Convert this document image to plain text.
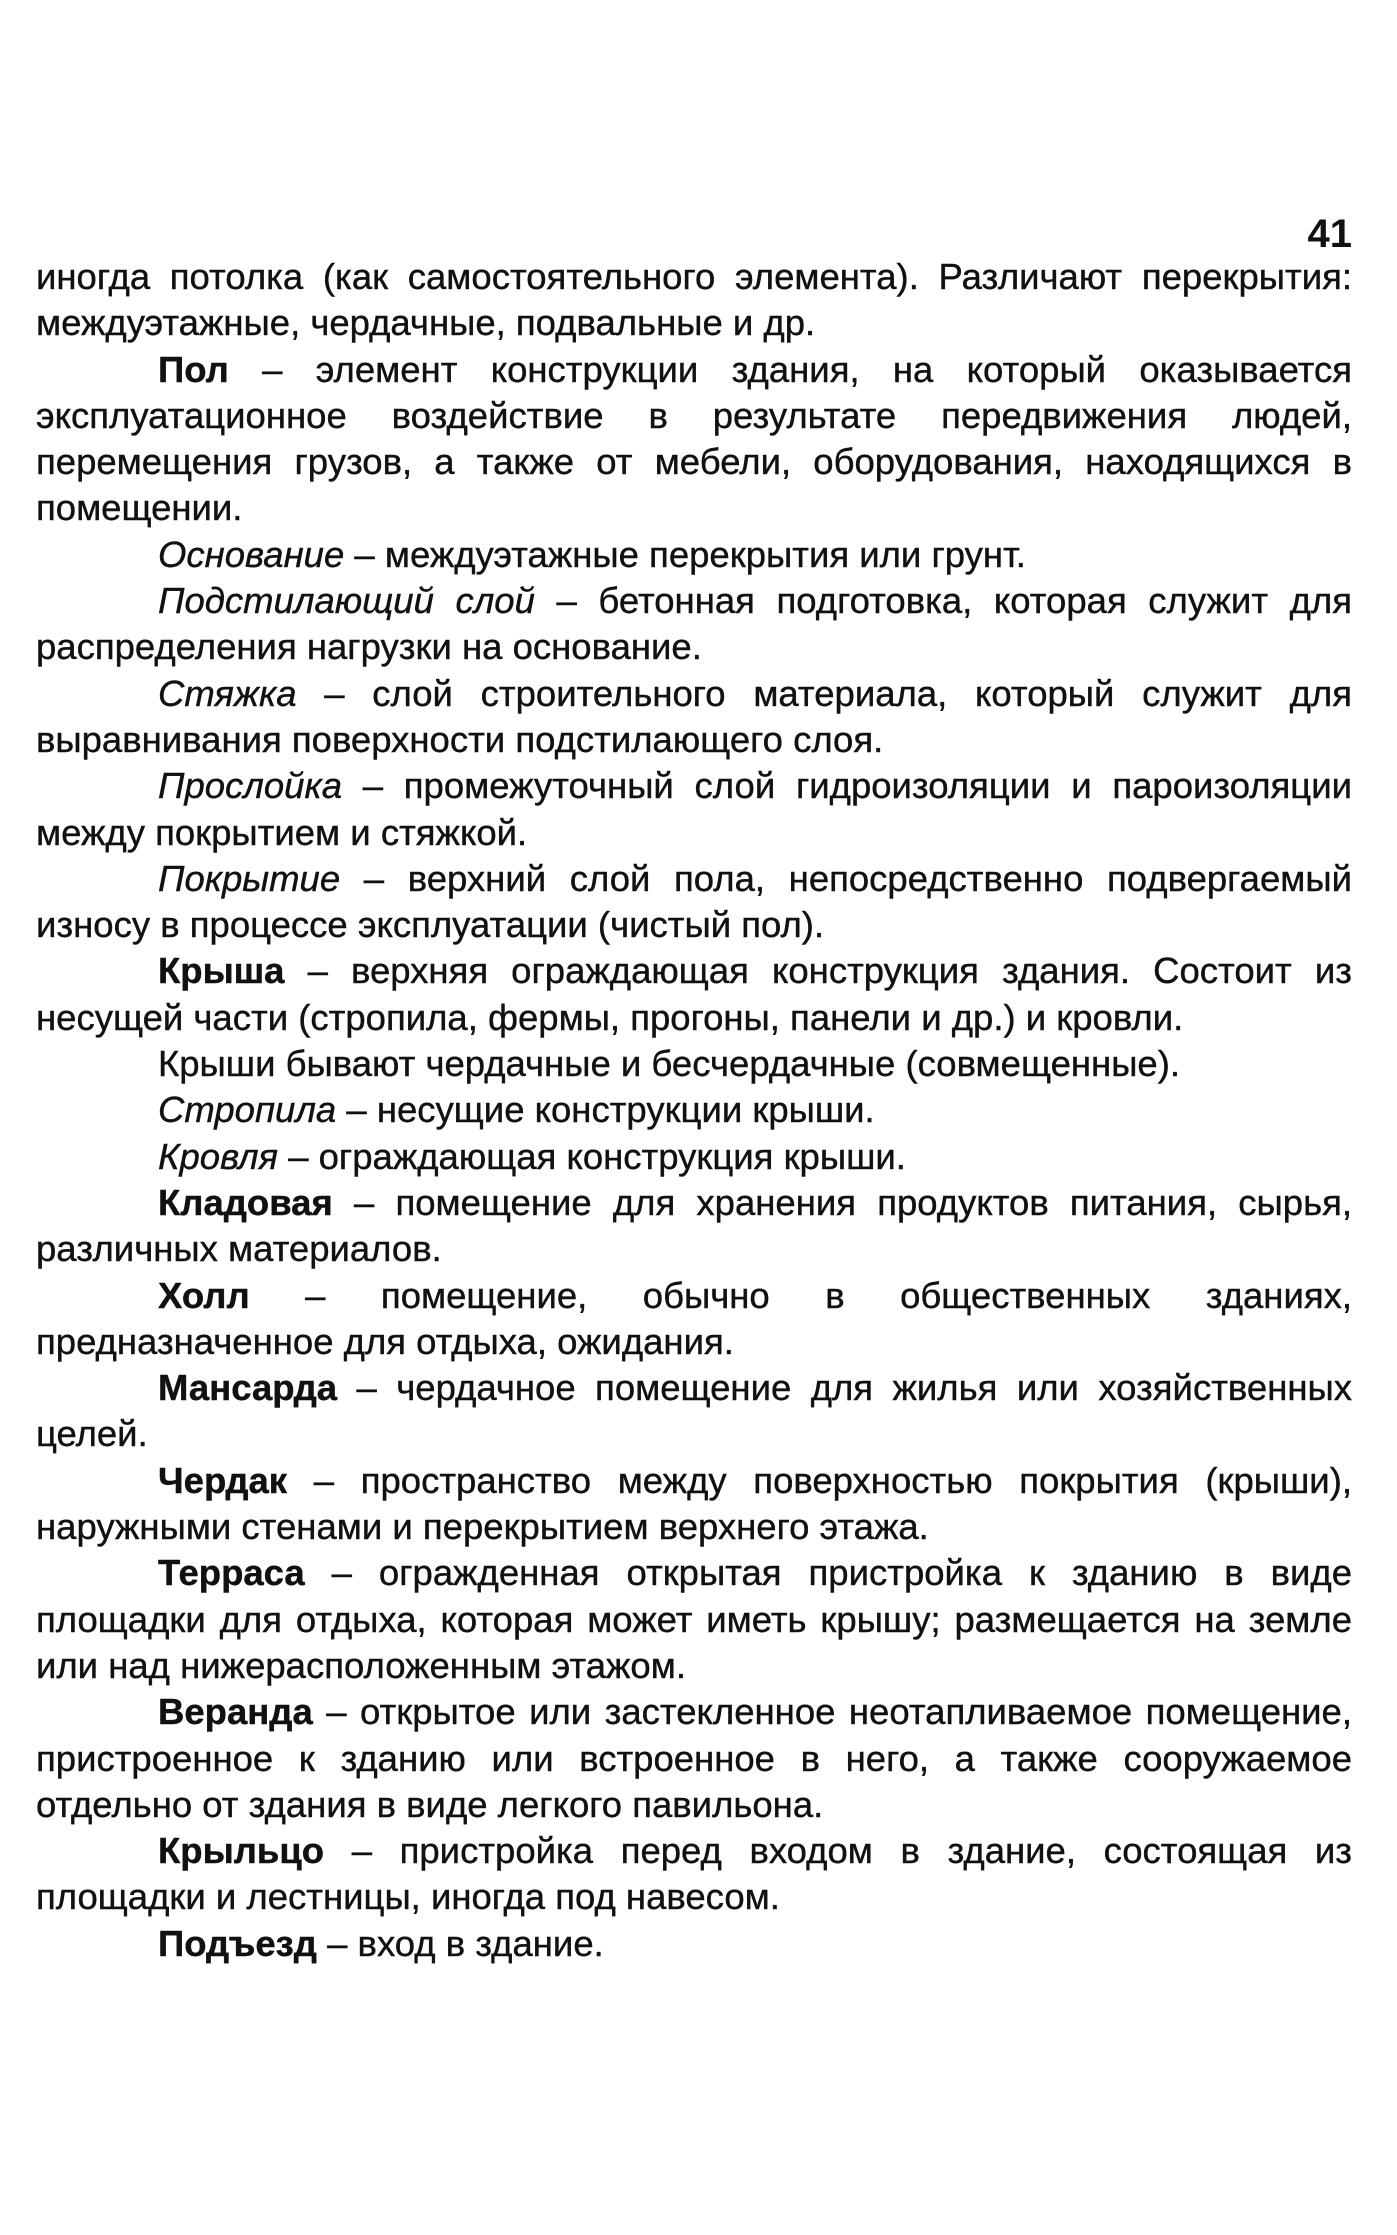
41

иногда потолка (как самостоятельного элемента). Различают перекрытия: междуэтажные, чердачные, подвальные и др.

Пол – элемент конструкции здания, на который оказывается эксплуатационное воздействие в результате передвижения людей, перемещения грузов, а также от мебели, оборудования, находящихся в помещении.

Основание – междуэтажные перекрытия или грунт.

Подстилающий слой – бетонная подготовка, которая служит для распределения нагрузки на основание.

Стяжка – слой строительного материала, который служит для выравнивания поверхности подстилающего слоя.

Прослойка – промежуточный слой гидроизоляции и пароизоляции между покрытием и стяжкой.

Покрытие – верхний слой пола, непосредственно подвергаемый износу в процессе эксплуатации (чистый пол).

Крыша – верхняя ограждающая конструкция здания. Состоит из несущей части (стропила, фермы, прогоны, панели и др.) и кровли.

Крыши бывают чердачные и бесчердачные (совмещенные).

Стропила – несущие конструкции крыши.

Кровля – ограждающая конструкция крыши.

Кладовая – помещение для хранения продуктов питания, сырья, различных материалов.

Холл – помещение, обычно в общественных зданиях, предназначенное для отдыха, ожидания.

Мансарда – чердачное помещение для жилья или хозяйственных целей.

Чердак – пространство между поверхностью покрытия (крыши), наружными стенами и перекрытием верхнего этажа.

Терраса – огражденная открытая пристройка к зданию в виде площадки для отдыха, которая может иметь крышу; размещается на земле или над нижерасположенным этажом.

Веранда – открытое или застекленное неотапливаемое помещение, пристроенное к зданию или встроенное в него, а также сооружаемое отдельно от здания в виде легкого павильона.

Крыльцо – пристройка перед входом в здание, состоящая из площадки и лестницы, иногда под навесом.

Подъезд – вход в здание.
